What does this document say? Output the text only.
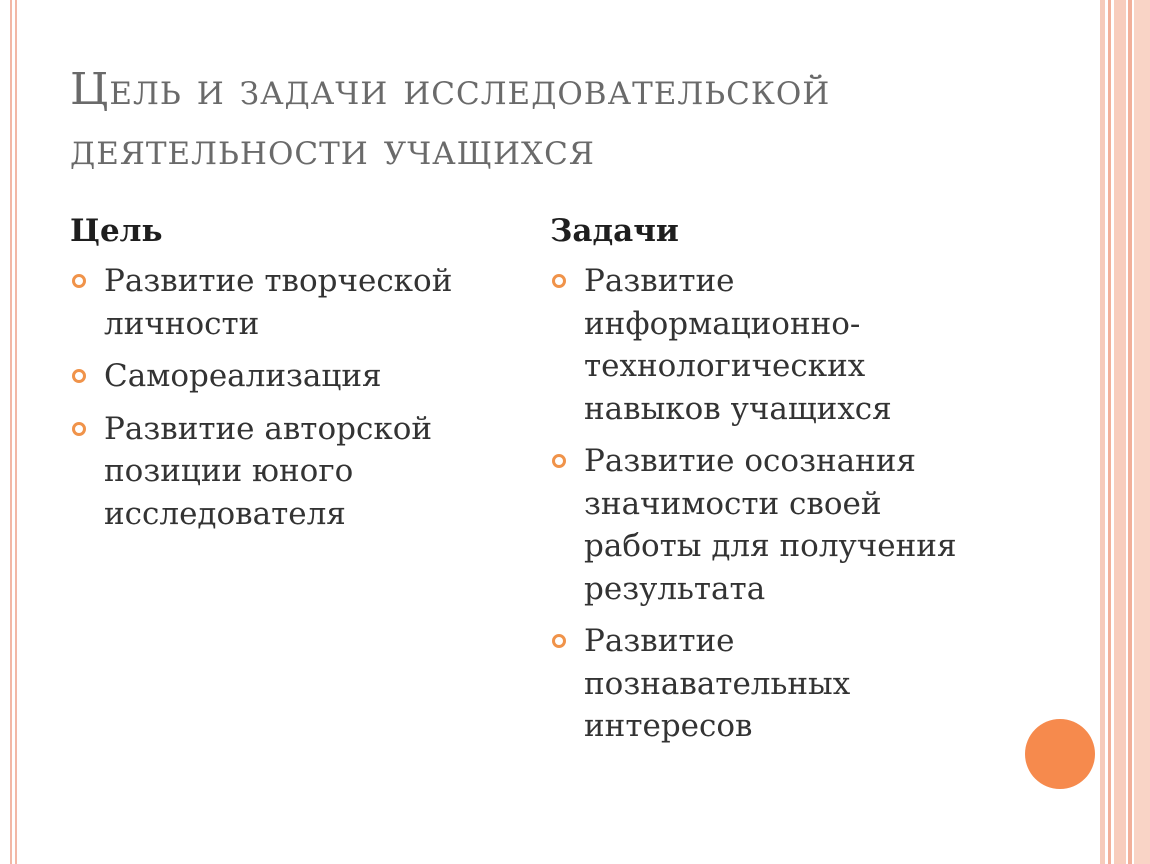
Цель и задачи исследовательской
деятельности учащихся
Цель
Развитие творческой личности
Самореализация
Развитие авторской позиции юного исследователя
Задачи
Развитие информационно-технологических навыков учащихся
Развитие осознания значимости своей работы для получения результата
Развитие познавательных интересов
